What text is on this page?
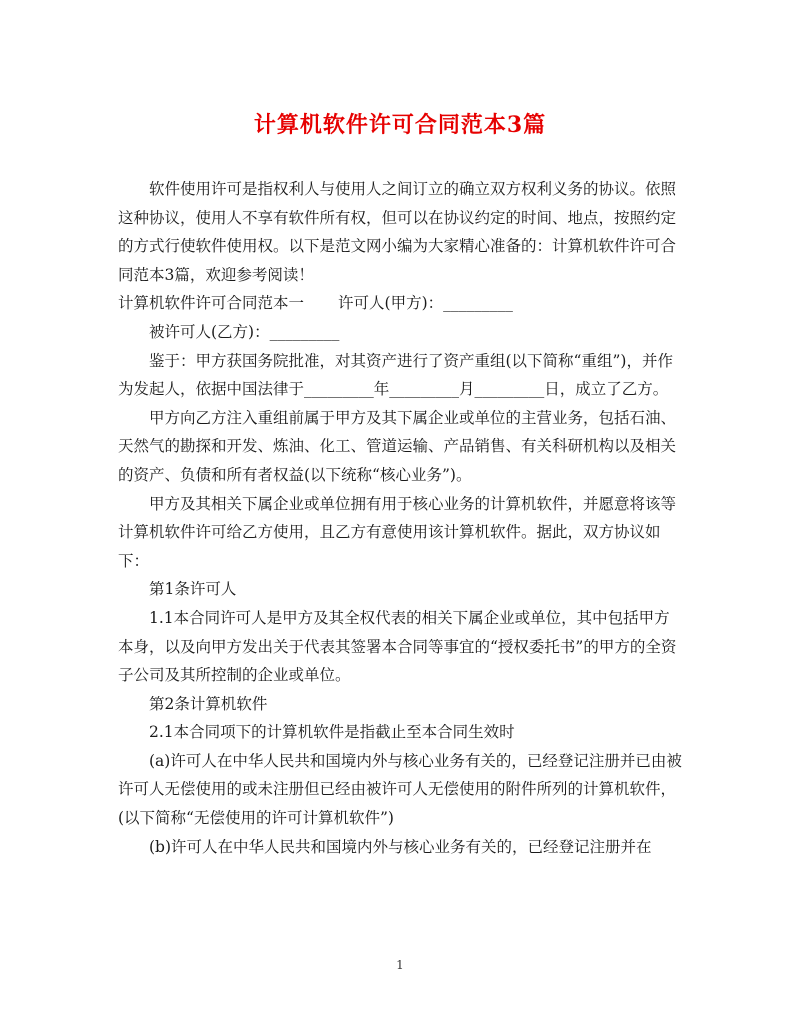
计算机软件许可合同范本3篇

软件使用许可是指权利人与使用人之间订立的确立双方权利义务的协议。依照这种协议，使用人不享有软件所有权，但可以在协议约定的时间、地点，按照约定的方式行使软件使用权。以下是范文网小编为大家精心准备的：计算机软件许可合同范本3篇，欢迎参考阅读！

计算机软件许可合同范本一 许可人(甲方)：_________

被许可人(乙方)：_________

鉴于：甲方获国务院批准，对其资产进行了资产重组(以下简称“重组”)，并作为发起人，依据中国法律于_________年_________月_________日，成立了乙方。

甲方向乙方注入重组前属于甲方及其下属企业或单位的主营业务，包括石油、天然气的勘探和开发、炼油、化工、管道运输、产品销售、有关科研机构以及相关的资产、负债和所有者权益(以下统称“核心业务”)。

甲方及其相关下属企业或单位拥有用于核心业务的计算机软件，并愿意将该等计算机软件许可给乙方使用，且乙方有意使用该计算机软件。据此，双方协议如下：

第1条许可人

1.1本合同许可人是甲方及其全权代表的相关下属企业或单位，其中包括甲方本身，以及向甲方发出关于代表其签署本合同等事宜的“授权委托书”的甲方的全资子公司及其所控制的企业或单位。

第2条计算机软件

2.1本合同项下的计算机软件是指截止至本合同生效时

(a)许可人在中华人民共和国境内外与核心业务有关的，已经登记注册并已由被许可人无偿使用的或未注册但已经由被许可人无偿使用的附件所列的计算机软件，(以下简称“无偿使用的许可计算机软件”)

(b)许可人在中华人民共和国境内外与核心业务有关的，已经登记注册并在

1
